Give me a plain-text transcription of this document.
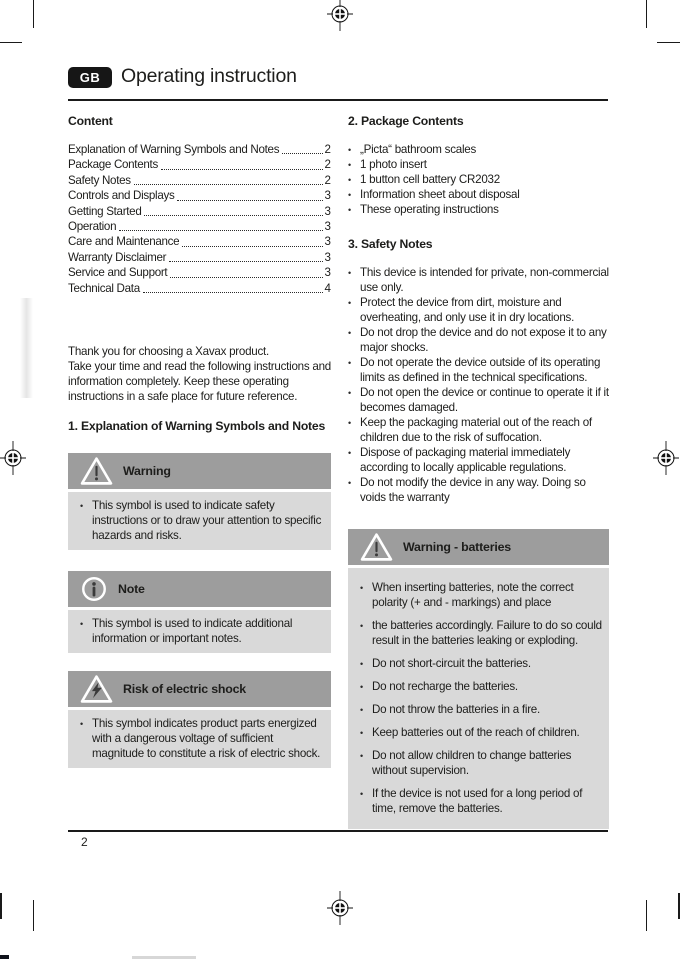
GB	Operating instruction
Content
Explanation of Warning Symbols and Notes	2
Package Contents	2
Safety Notes	2
Controls and Displays	3
Getting Started	3
Operation	3
Care and Maintenance	3
Warranty Disclaimer	3
Service and Support	3
Technical Data	4
Thank you for choosing a Xavax product.
Take your time and read the following instructions and information completely. Keep these operating instructions in a safe place for future reference.
1. Explanation of Warning Symbols and Notes
Warning
• This symbol is used to indicate safety instructions or to draw your attention to specific hazards and risks.
Note
• This symbol is used to indicate additional information or important notes.
Risk of electric shock
• This symbol indicates product parts energized with a dangerous voltage of sufficient magnitude to constitute a risk of electric shock.
2. Package Contents
• „Picta“ bathroom scales
• 1 photo insert
• 1 button cell battery CR2032
• Information sheet about disposal
• These operating instructions
3. Safety Notes
• This device is intended for private, non-commercial use only.
• Protect the device from dirt, moisture and overheating, and only use it in dry locations.
• Do not drop the device and do not expose it to any major shocks.
• Do not operate the device outside of its operating limits as defined in the technical specifications.
• Do not open the device or continue to operate it if it becomes damaged.
• Keep the packaging material out of the reach of children due to the risk of suffocation.
• Dispose of packaging material immediately according to locally applicable regulations.
• Do not modify the device in any way. Doing so voids the warranty
Warning - batteries
• When inserting batteries, note the correct polarity (+ and - markings) and place
• the batteries accordingly. Failure to do so could result in the batteries leaking or exploding.
• Do not short-circuit the batteries.
• Do not recharge the batteries.
• Do not throw the batteries in a fire.
• Keep batteries out of the reach of children.
• Do not allow children to change batteries without supervision.
• If the device is not used for a long period of time, remove the batteries.
2
